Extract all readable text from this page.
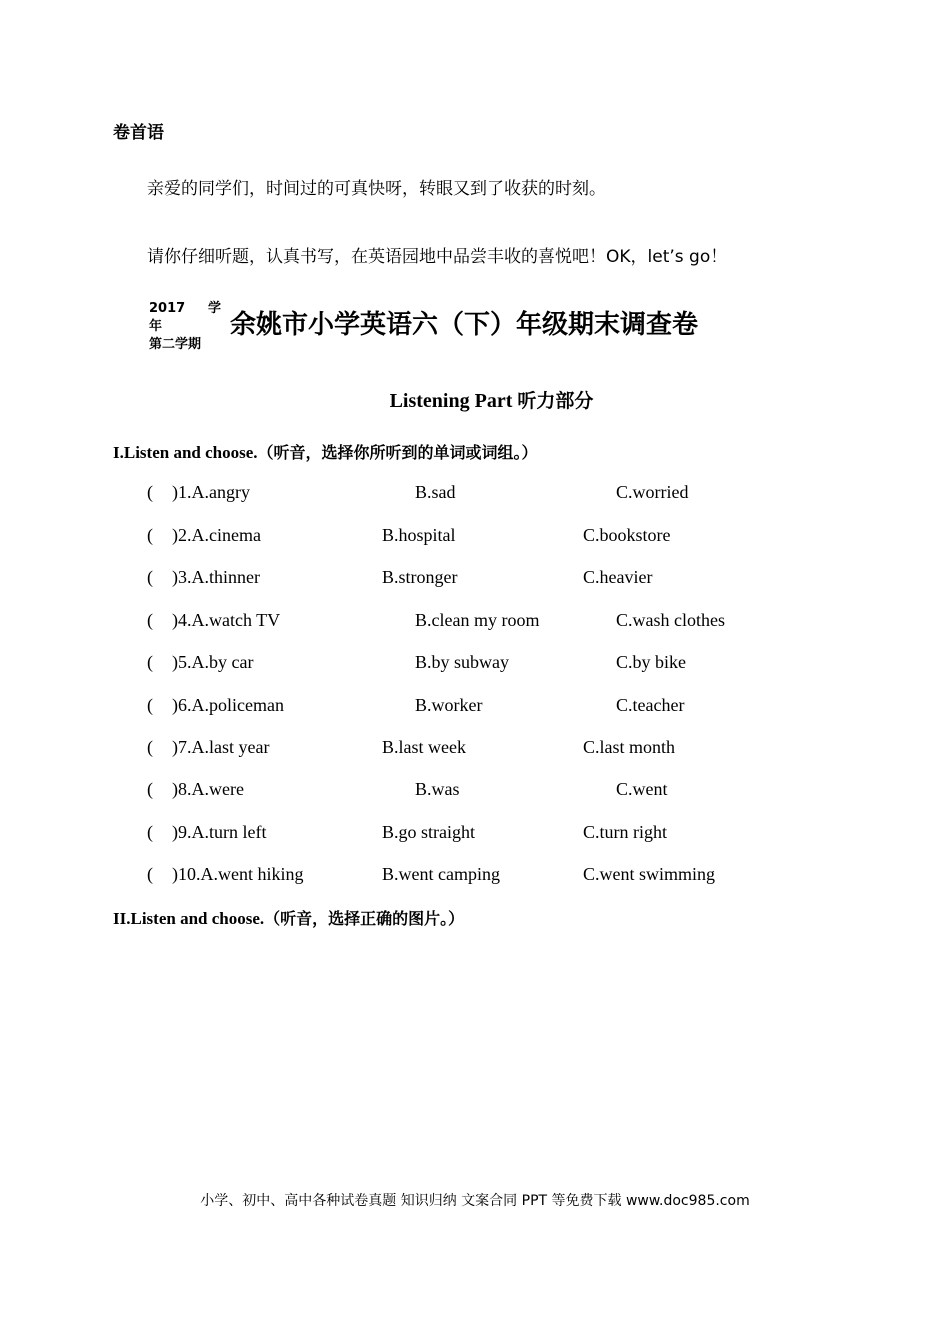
卷首语
亲爱的同学们，时间过的可真快呀，转眼又到了收获的时刻。
请你仔细听题，认真书写，在英语园地中品尝丰收的喜悦吧！OK，let’s go！
2017 学
年
第二学期
余姚市小学英语六（下）年级期末调查卷
Listening Part 听力部分
I.Listen and choose.（听音，选择你所听到的单词或词组。）
( )1.A.angry	B.sad	C.worried
( )2.A.cinema	B.hospital	C.bookstore
( )3.A.thinner	B.stronger	C.heavier
( )4.A.watch TV	B.clean my room	C.wash clothes
( )5.A.by car	B.by subway	C.by bike
( )6.A.policeman	B.worker	C.teacher
( )7.A.last year	B.last week	C.last month
( )8.A.were	B.was	C.went
( )9.A.turn left	B.go straight	C.turn right
( )10.A.went hiking	B.went camping	C.went swimming
II.Listen and choose.（听音，选择正确的图片。）
小学、初中、高中各种试卷真题 知识归纳 文案合同 PPT 等免费下载 www.doc985.com
